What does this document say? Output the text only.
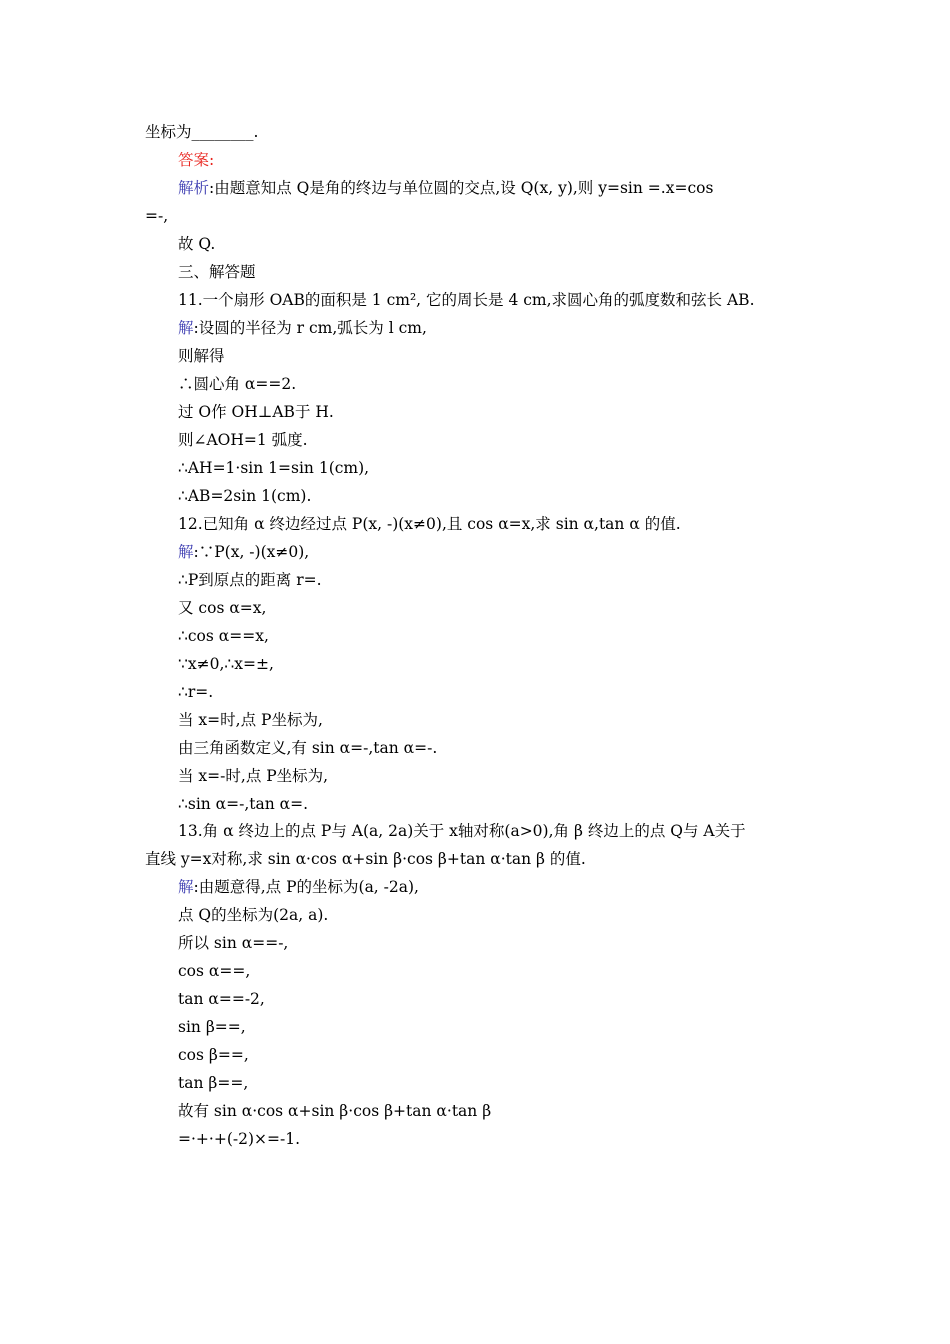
坐标为________.
答案:
解析:由题意知点 Q是角的终边与单位圆的交点,设 Q(x, y),则 y=sin =.x=cos
=-,
故 Q.
三、解答题
11.一个扇形 OAB的面积是 1 cm², 它的周长是 4 cm,求圆心角的弧度数和弦长 AB.
解:设圆的半径为 r cm,弧长为 l cm,
则解得
∴圆心角 α==2.
过 O作 OH⊥AB于 H.
则∠AOH=1 弧度.
∴AH=1·sin 1=sin 1(cm),
∴AB=2sin 1(cm).
12.已知角 α 终边经过点 P(x, -)(x≠0),且 cos α=x,求 sin α,tan α 的值.
解:∵P(x, -)(x≠0),
∴P到原点的距离 r=.
又 cos α=x,
∴cos α==x,
∵x≠0,∴x=±,
∴r=.
当 x=时,点 P坐标为,
由三角函数定义,有 sin α=-,tan α=-.
当 x=-时,点 P坐标为,
∴sin α=-,tan α=.
13.角 α 终边上的点 P与 A(a, 2a)关于 x轴对称(a>0),角 β 终边上的点 Q与 A关于
直线 y=x对称,求 sin α·cos α+sin β·cos β+tan α·tan β 的值.
解:由题意得,点 P的坐标为(a, -2a),
点 Q的坐标为(2a, a).
所以 sin α==-,
cos α==,
tan α==-2,
sin β==,
cos β==,
tan β==,
故有 sin α·cos α+sin β·cos β+tan α·tan β
=·+·+(-2)×=-1.
